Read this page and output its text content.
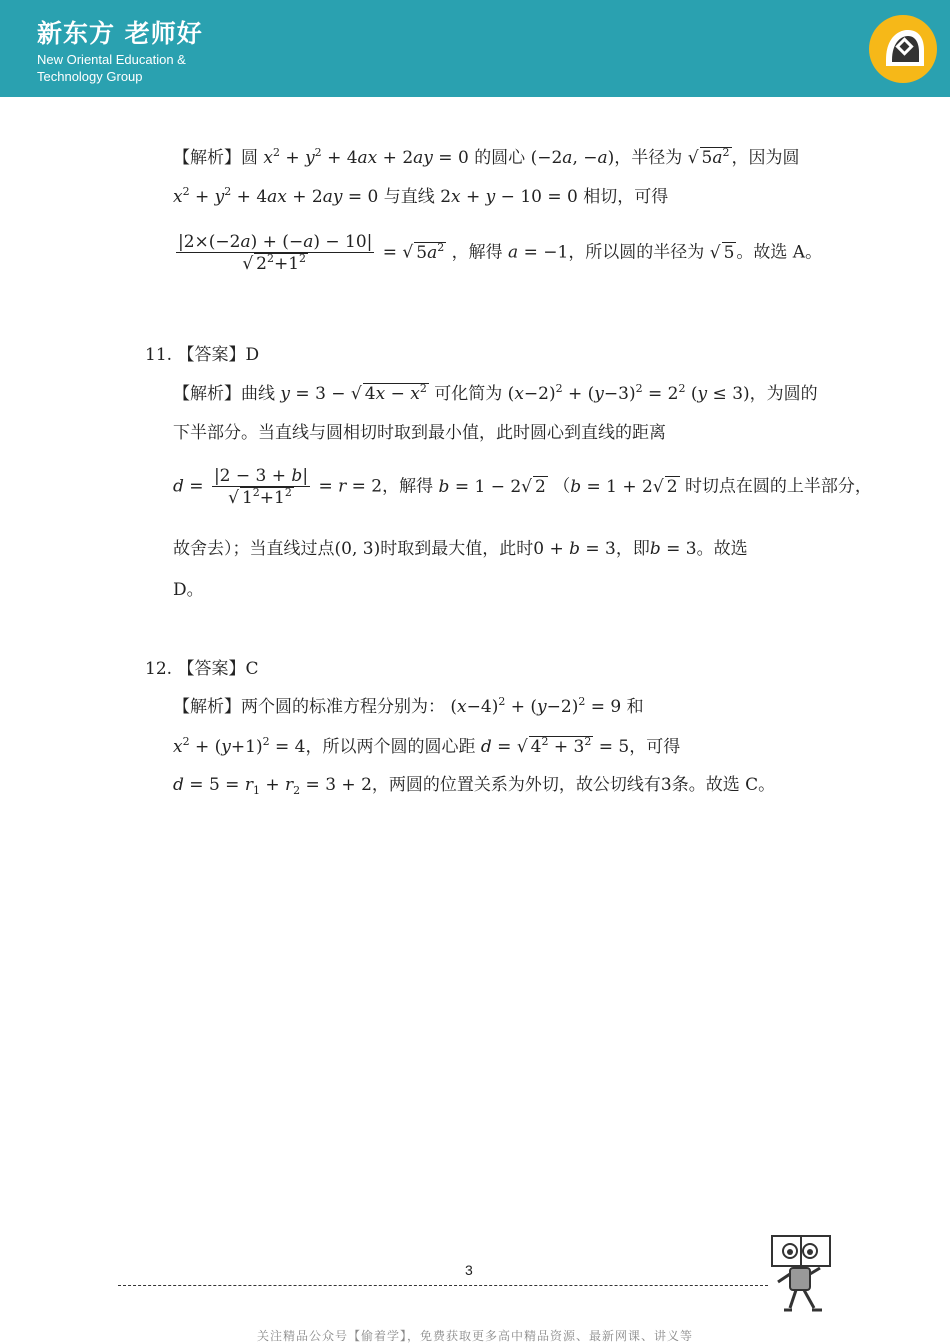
新东方 老师好
New Oriental Education &
Technology Group
【解析】圆 $x^2 + y^2 + 4ax + 2ay = 0$ 的圆心 (−2a, −a)，半径为 √ $5a^2$ ，因为圆
$x^2 + y^2 + 4ax + 2ay = 0$ 与直线 2x + y − 10 = 0 相切，可得
$\frac{|2\times(-2a) + (-a) - 10|}{√ 2^2+1^2}$ = √ $5a^2$ ，解得 a = −1，所以圆的半径为 √ 5 。故选 A。
11. 【答案】D
【解析】曲线 y = 3 − √ $4x - x^2$ 可化简为 $(x-2)^2 + (y-3)^2 = 2^2$ (y ≤ 3)，为圆的
下半部分。当直线与圆相切时取到最小值，此时圆心到直线的距离
$d = \frac{|2 - 3 + b|}{√ 1^2+1^2} = r = 2$，解得 b = 1 − 2√ 2 （b = 1 + 2√ 2 时切点在圆的上半部分，
故舍去）；当直线过点(0, 3)时取到最大值，此时0 + b = 3，即b = 3。故选
D。
12. 【答案】C
【解析】两个圆的标准方程分别为： $(x-4)^2 + (y-2)^2 = 9$ 和
$x^2 + (y+1)^2 = 4$，所以两个圆的圆心距 d = √ $4^2 + 3^2 = 5$，可得
$d = 5 = r_1 + r_2 = 3 + 2$，两圆的位置关系为外切，故公切线有3条。故选 C。
3
关注精品公众号【偷着学】，免费获取更多高中精品资源、最新网课、讲义等
